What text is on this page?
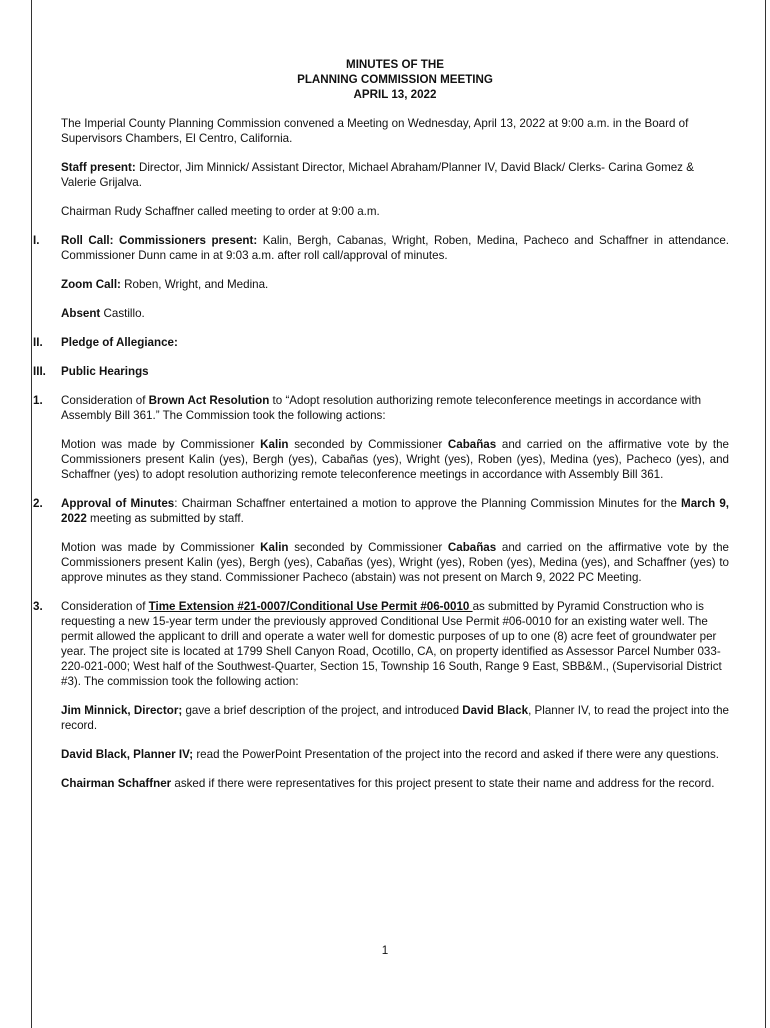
MINUTES OF THE
PLANNING COMMISSION MEETING
APRIL 13, 2022

The Imperial County Planning Commission convened a Meeting on Wednesday, April 13, 2022 at 9:00 a.m. in the Board of Supervisors Chambers, El Centro, California.

Staff present: Director, Jim Minnick/ Assistant Director, Michael Abraham/Planner IV, David Black/ Clerks- Carina Gomez & Valerie Grijalva.

Chairman Rudy Schaffner called meeting to order at 9:00 a.m.

I. Roll Call: Commissioners present: Kalin, Bergh, Cabanas, Wright, Roben, Medina, Pacheco and Schaffner in attendance. Commissioner Dunn came in at 9:03 a.m. after roll call/approval of minutes.

Zoom Call: Roben, Wright, and Medina.

Absent Castillo.

II. Pledge of Allegiance:

III. Public Hearings

1. Consideration of Brown Act Resolution to “Adopt resolution authorizing remote teleconference meetings in accordance with Assembly Bill 361.” The Commission took the following actions:

Motion was made by Commissioner Kalin seconded by Commissioner Cabañas and carried on the affirmative vote by the Commissioners present Kalin (yes), Bergh (yes), Cabañas (yes), Wright (yes), Roben (yes), Medina (yes), Pacheco (yes), and Schaffner (yes) to adopt resolution authorizing remote teleconference meetings in accordance with Assembly Bill 361.

2. Approval of Minutes: Chairman Schaffner entertained a motion to approve the Planning Commission Minutes for the March 9, 2022 meeting as submitted by staff.

Motion was made by Commissioner Kalin seconded by Commissioner Cabañas and carried on the affirmative vote by the Commissioners present Kalin (yes), Bergh (yes), Cabañas (yes), Wright (yes), Roben (yes), Medina (yes), and Schaffner (yes) to approve minutes as they stand. Commissioner Pacheco (abstain) was not present on March 9, 2022 PC Meeting.

3. Consideration of Time Extension #21-0007/Conditional Use Permit #06-0010 as submitted by Pyramid Construction who is requesting a new 15-year term under the previously approved Conditional Use Permit #06-0010 for an existing water well. The permit allowed the applicant to drill and operate a water well for domestic purposes of up to one (8) acre feet of groundwater per year. The project site is located at 1799 Shell Canyon Road, Ocotillo, CA, on property identified as Assessor Parcel Number 033-220-021-000; West half of the Southwest-Quarter, Section 15, Township 16 South, Range 9 East, SBB&M., (Supervisorial District #3). The commission took the following action:

Jim Minnick, Director; gave a brief description of the project, and introduced David Black, Planner IV, to read the project into the record.

David Black, Planner IV; read the PowerPoint Presentation of the project into the record and asked if there were any questions.

Chairman Schaffner asked if there were representatives for this project present to state their name and address for the record.

1
